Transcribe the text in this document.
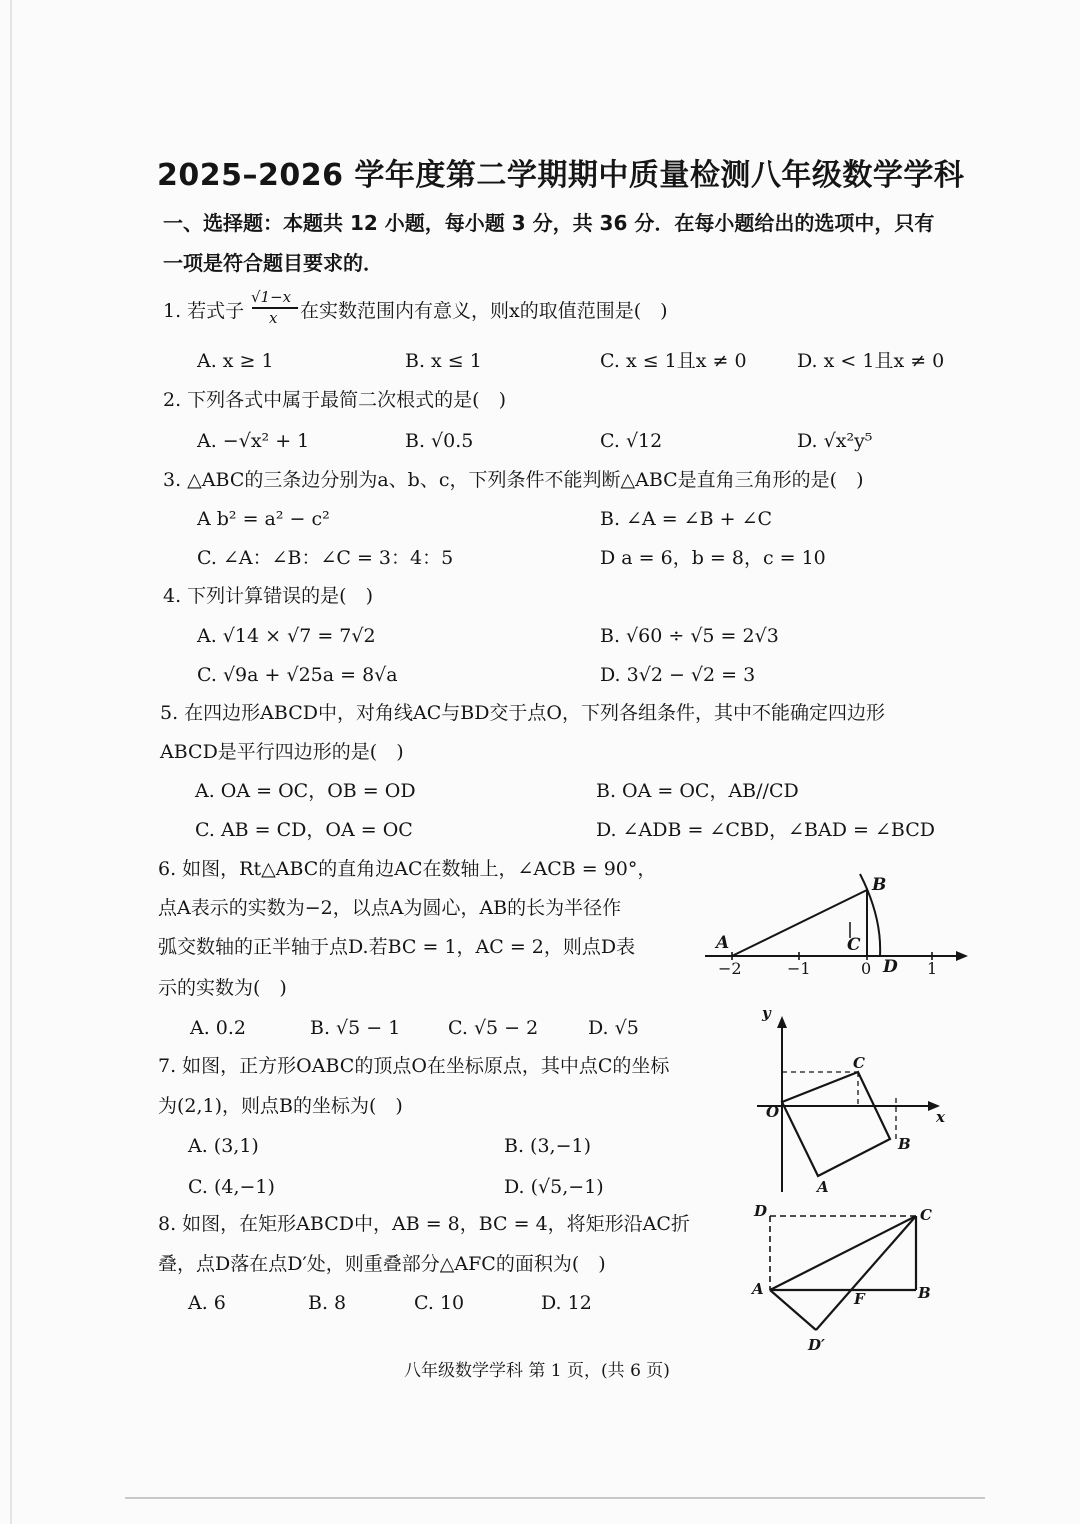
2025–2026 学年度第二学期期中质量检测八年级数学学科
一、选择题：本题共 12 小题，每小题 3 分，共 36 分．在每小题给出的选项中，只有
一项是符合题目要求的．
1. 若式子
√1−x
x 在实数范围内有意义，则x的取值范围是(　)
A. x ≥ 1	B. x ≤ 1	C. x ≤ 1且x ≠ 0	D. x < 1且x ≠ 0
2. 下列各式中属于最简二次根式的是(　)
A. −√x² + 1	B. √0.5	C. √12	D. √x²y⁵
3. △ABC的三条边分别为a、b、c，下列条件不能判断△ABC是直角三角形的是(　)
A b² = a² − c²	B. ∠A = ∠B + ∠C
C. ∠A：∠B：∠C = 3：4：5	D a = 6，b = 8，c = 10
4. 下列计算错误的是(　)
A. √14 × √7 = 7√2	B. √60 ÷ √5 = 2√3
C. √9a + √25a = 8√a	D. 3√2 − √2 = 3
5. 在四边形ABCD中，对角线AC与BD交于点O，下列各组条件，其中不能确定四边形
ABCD是平行四边形的是(　)
A. OA = OC，OB = OD	B. OA = OC，AB//CD
C. AB = CD，OA = OC	D. ∠ADB = ∠CBD，∠BAD = ∠BCD
6. 如图，Rt△ABC的直角边AC在数轴上，∠ACB = 90°，
点A表示的实数为−2，以点A为圆心，AB的长为半径作
弧交数轴的正半轴于点D.若BC = 1，AC = 2，则点D表
示的实数为(　)
A. 0.2	B. √5 − 1	C. √5 − 2	D. √5
B
A	C
D
−2	−1	0	1
7. 如图，正方形OABC的顶点O在坐标原点，其中点C的坐标
为(2,1)，则点B的坐标为(　)
A. (3,1)	B. (3,−1)
C. (4,−1)	D. (√5,−1)
y
x
O
C
B
A
8. 如图，在矩形ABCD中，AB = 8，BC = 4，将矩形沿AC折
叠，点D落在点D′处，则重叠部分△AFC的面积为(　)
A. 6	B. 8	C. 10	D. 12
D	C
A	B
F
D′
八年级数学学科 第 1 页，(共 6 页)
